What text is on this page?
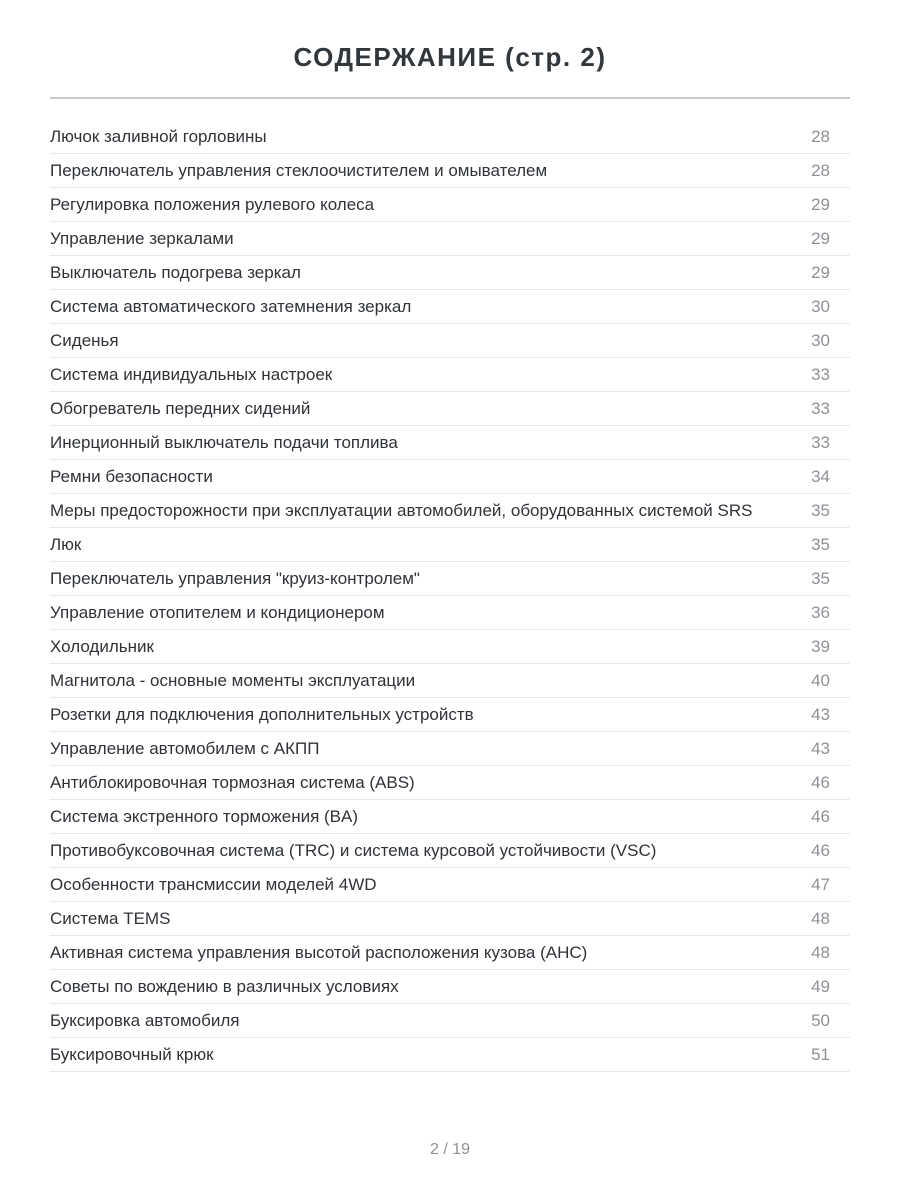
СОДЕРЖАНИЕ (стр. 2)
Лючок заливной горловины	28
Переключатель управления стеклоочистителем и омывателем	28
Регулировка положения рулевого колеса	29
Управление зеркалами	29
Выключатель подогрева зеркал	29
Система автоматического затемнения зеркал	30
Сиденья	30
Система индивидуальных настроек	33
Обогреватель передних сидений	33
Инерционный выключатель подачи топлива	33
Ремни безопасности	34
Меры предосторожности при эксплуатации автомобилей, оборудованных системой SRS	35
Люк	35
Переключатель управления "круиз-контролем"	35
Управление отопителем и кондиционером	36
Холодильник	39
Магнитола - основные моменты эксплуатации	40
Розетки для подключения дополнительных устройств	43
Управление автомобилем с АКПП	43
Антиблокировочная тормозная система (ABS)	46
Система экстренного торможения (BA)	46
Противобуксовочная система (TRC) и система курсовой устойчивости (VSC)	46
Особенности трансмиссии моделей 4WD	47
Система TEMS	48
Активная система управления высотой расположения кузова (AHC)	48
Советы по вождению в различных условиях	49
Буксировка автомобиля	50
Буксировочный крюк	51
2 / 19
